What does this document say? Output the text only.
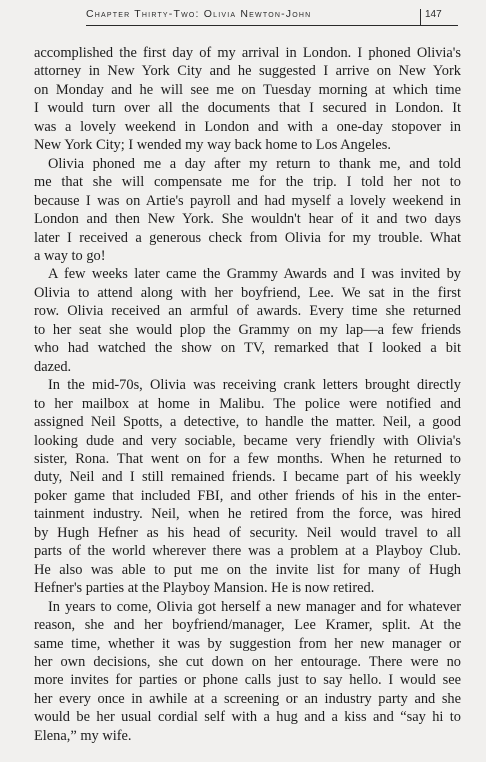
Chapter Thirty-Two: Olivia Newton-John	147

accomplished the first day of my arrival in London. I phoned Olivia's
attorney in New York City and he suggested I arrive on New York
on Monday and he will see me on Tuesday morning at which time
I would turn over all the documents that I secured in London. It
was a lovely weekend in London and with a one-day stopover in
New York City; I wended my way back home to Los Angeles.

Olivia phoned me a day after my return to thank me, and told
me that she will compensate me for the trip. I told her not to
because I was on Artie's payroll and had myself a lovely weekend in
London and then New York. She wouldn't hear of it and two days
later I received a generous check from Olivia for my trouble. What
a way to go!

A few weeks later came the Grammy Awards and I was invited by
Olivia to attend along with her boyfriend, Lee. We sat in the first
row. Olivia received an armful of awards. Every time she returned
to her seat she would plop the Grammy on my lap—a few friends
who had watched the show on TV, remarked that I looked a bit
dazed.

In the mid-70s, Olivia was receiving crank letters brought directly
to her mailbox at home in Malibu. The police were notified and
assigned Neil Spotts, a detective, to handle the matter. Neil, a good
looking dude and very sociable, became very friendly with Olivia's
sister, Rona. That went on for a few months. When he returned to
duty, Neil and I still remained friends. I became part of his weekly
poker game that included FBI, and other friends of his in the enter-
tainment industry. Neil, when he retired from the force, was hired
by Hugh Hefner as his head of security. Neil would travel to all
parts of the world wherever there was a problem at a Playboy Club.
He also was able to put me on the invite list for many of Hugh
Hefner's parties at the Playboy Mansion. He is now retired.

In years to come, Olivia got herself a new manager and for whatever
reason, she and her boyfriend/manager, Lee Kramer, split. At the
same time, whether it was by suggestion from her new manager or
her own decisions, she cut down on her entourage. There were no
more invites for parties or phone calls just to say hello. I would see
her every once in awhile at a screening or an industry party and she
would be her usual cordial self with a hug and a kiss and “say hi to
Elena,” my wife.
